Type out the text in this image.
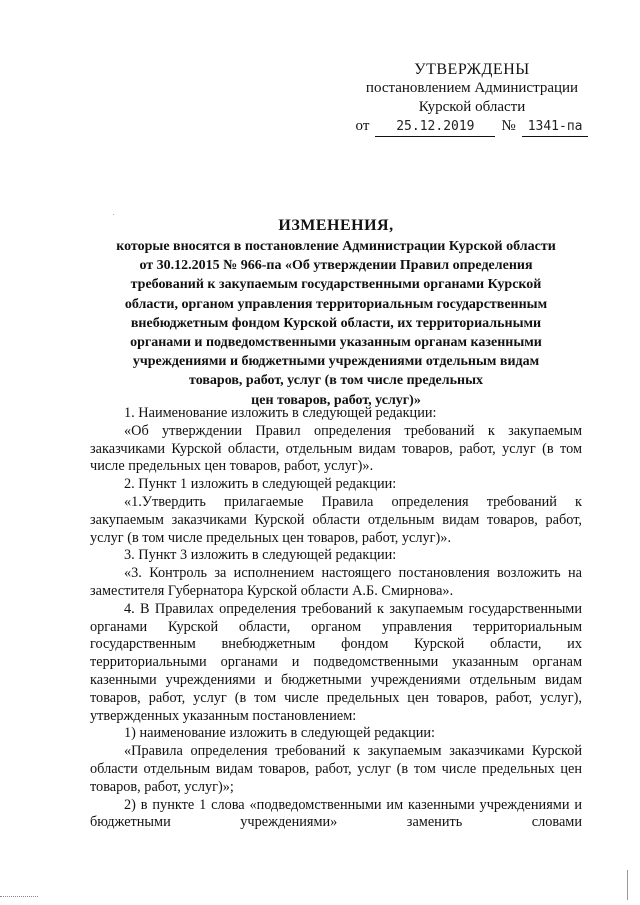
УТВЕРЖДЕНЫ
постановлением Администрации
Курской области
от	25.12.2019	№ 1341-па
ИЗМЕНЕНИЯ,
которые вносятся в постановление Администрации Курской области
от 30.12.2015 № 966-па «Об утверждении Правил определения
требований к закупаемым государственными органами Курской
области, органом управления территориальным государственным
внебюджетным фондом Курской области, их территориальными
органами и подведомственными указанным органам казенными
учреждениями и бюджетными учреждениями отдельным видам
товаров, работ, услуг (в том числе предельных
цен товаров, работ, услуг)»

1. Наименование изложить в следующей редакции:

«Об утверждении Правил определения требований к закупаемым заказчиками Курской области, отдельным видам товаров, работ, услуг (в том числе предельных цен товаров, работ, услуг)».

2. Пункт 1 изложить в следующей редакции:

«1.Утвердить прилагаемые Правила определения требований к закупаемым заказчиками Курской области отдельным видам товаров, работ, услуг (в том числе предельных цен товаров, работ, услуг)».

3. Пункт 3 изложить в следующей редакции:

«3. Контроль за исполнением настоящего постановления возложить на заместителя Губернатора Курской области А.Б. Смирнова».

4. В Правилах определения требований к закупаемым государственными органами Курской области, органом управления территориальным государственным внебюджетным фондом Курской области, их территориальными органами и подведомственными указанным органам казенными учреждениями и бюджетными учреждениями отдельным видам товаров, работ, услуг (в том числе предельных цен товаров, работ, услуг), утвержденных указанным постановлением:

1) наименование изложить в следующей редакции:

«Правила определения требований к закупаемым заказчиками Курской области отдельным видам товаров, работ, услуг (в том числе предельных цен товаров, работ, услуг)»;

2) в пункте 1 слова «подведомственными им казенными учреждениями и бюджетными учреждениями» заменить словами
